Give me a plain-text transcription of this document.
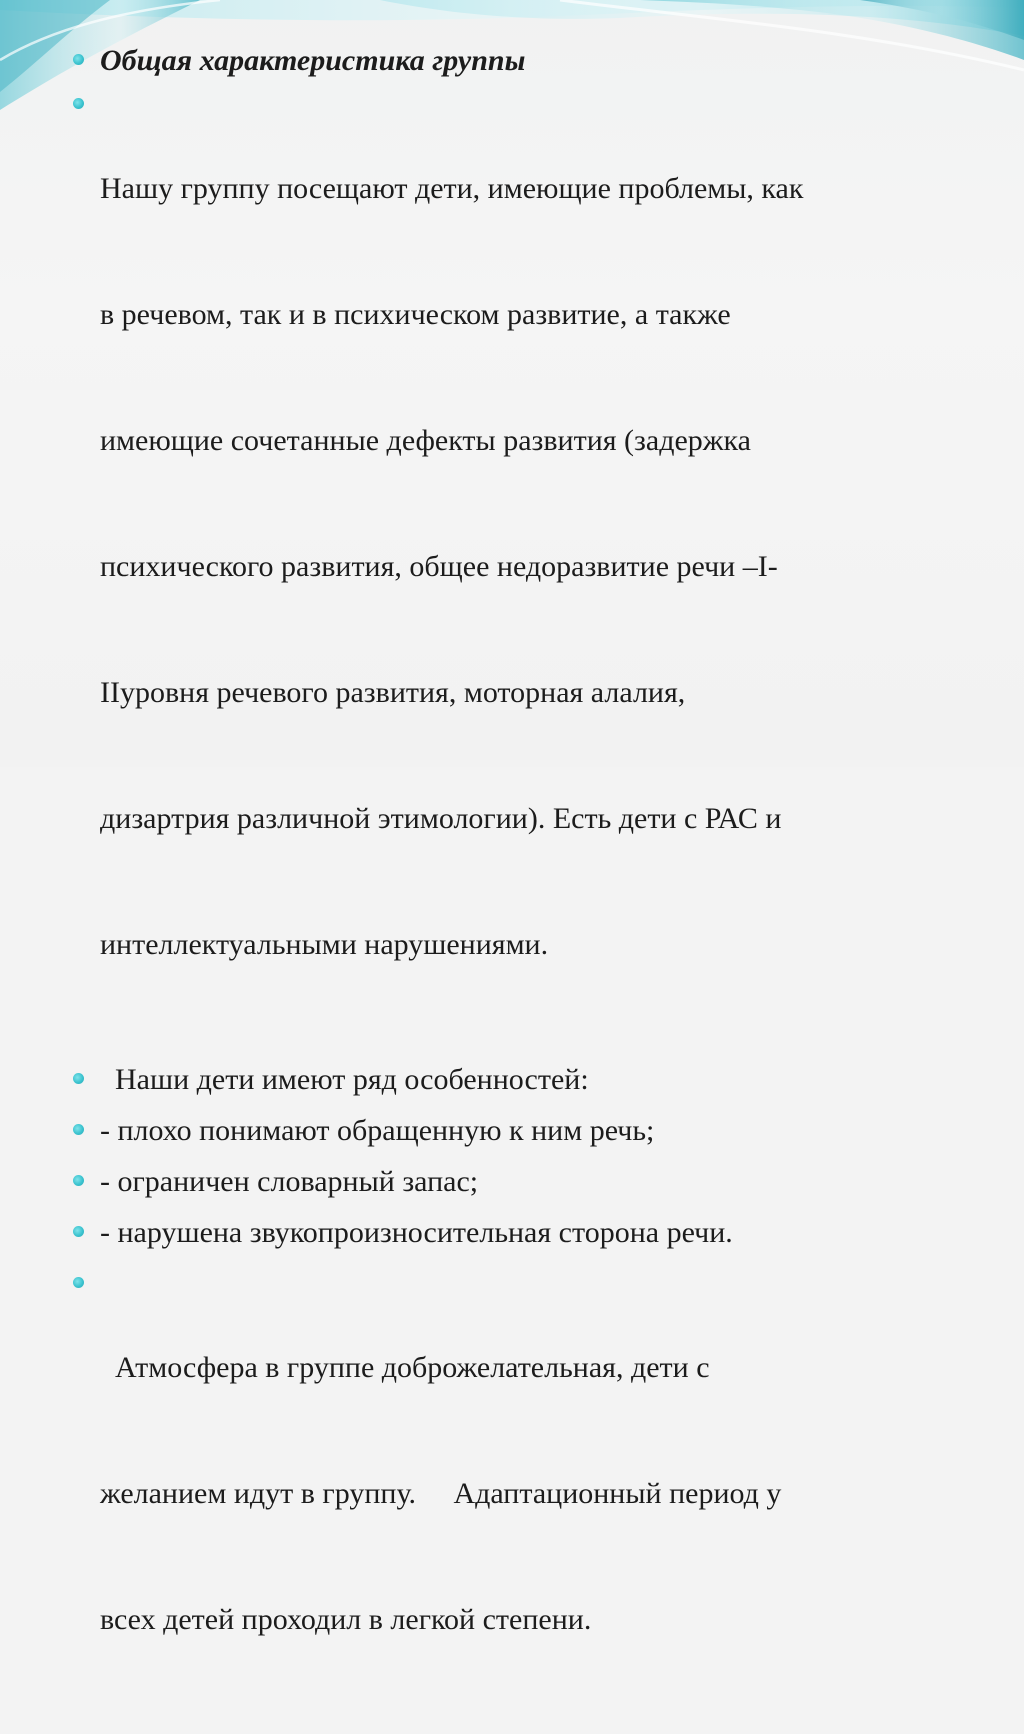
Общая характеристика группы

Нашу группу посещают дети, имеющие проблемы, как

в речевом, так и в психическом развитие, а также

имеющие сочетанные дефекты развития (задержка

психического развития, общее недоразвитие речи –I-

IIуровня речевого развития, моторная алалия,

дизартрия различной этимологии). Есть дети с РАС и

интеллектуальными нарушениями.

Наши дети имеют ряд особенностей:
- плохо понимают обращенную к ним речь;
- ограничен словарный запас;
- нарушена звукопроизносительная сторона речи.

Атмосфера в группе доброжелательная, дети с

желанием идут в группу.     Адаптационный период у

всех детей проходил в легкой степени.
